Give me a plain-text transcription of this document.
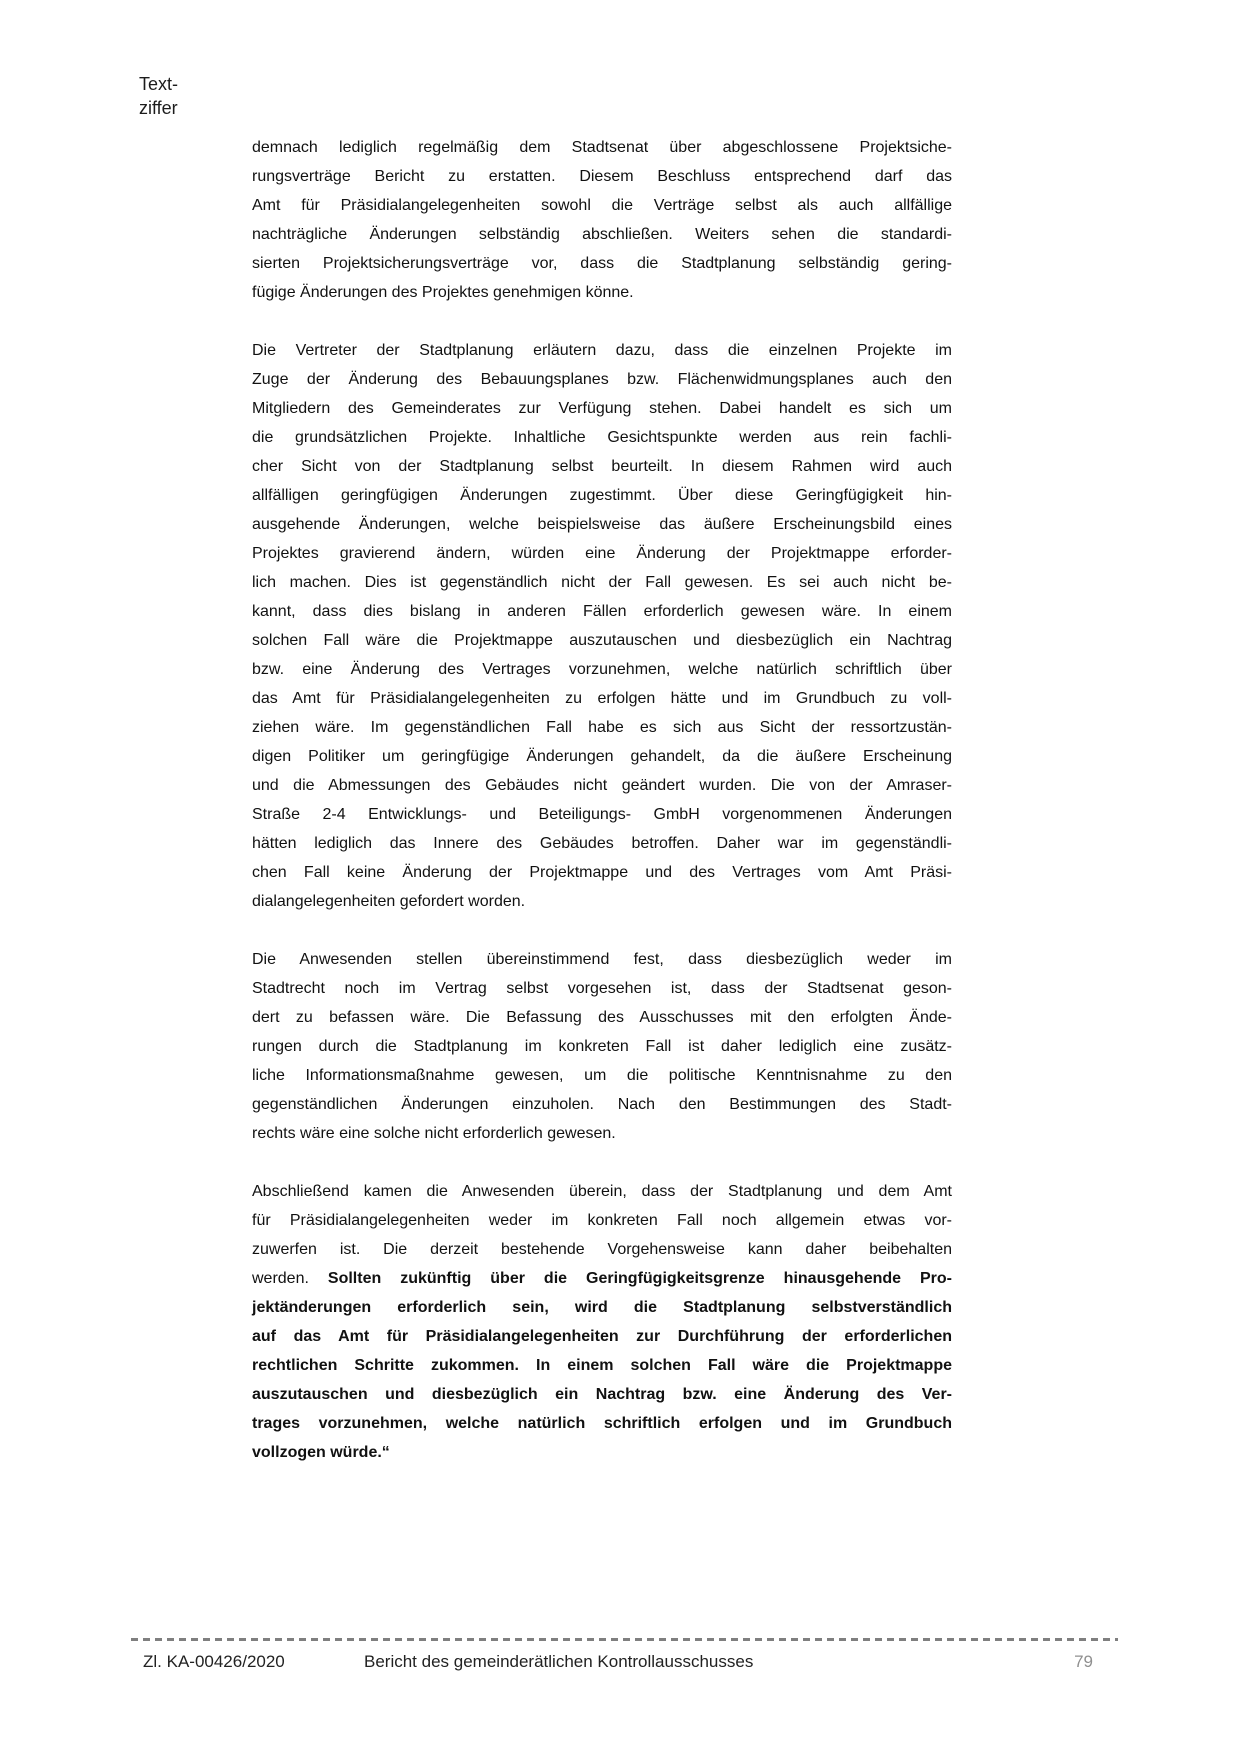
Text-
ziffer
demnach lediglich regelmäßig dem Stadtsenat über abgeschlossene Projektsiche-
rungsverträge Bericht zu erstatten. Diesem Beschluss entsprechend darf das
Amt für Präsidialangelegenheiten sowohl die Verträge selbst als auch allfällige
nachträgliche Änderungen selbständig abschließen. Weiters sehen die standardi-
sierten Projektsicherungsverträge vor, dass die Stadtplanung selbständig gering-
fügige Änderungen des Projektes genehmigen könne.
Die Vertreter der Stadtplanung erläutern dazu, dass die einzelnen Projekte im
Zuge der Änderung des Bebauungsplanes bzw. Flächenwidmungsplanes auch den
Mitgliedern des Gemeinderates zur Verfügung stehen. Dabei handelt es sich um
die grundsätzlichen Projekte. Inhaltliche Gesichtspunkte werden aus rein fachli-
cher Sicht von der Stadtplanung selbst beurteilt. In diesem Rahmen wird auch
allfälligen geringfügigen Änderungen zugestimmt. Über diese Geringfügigkeit hin-
ausgehende Änderungen, welche beispielsweise das äußere Erscheinungsbild eines
Projektes gravierend ändern, würden eine Änderung der Projektmappe erforder-
lich machen. Dies ist gegenständlich nicht der Fall gewesen. Es sei auch nicht be-
kannt, dass dies bislang in anderen Fällen erforderlich gewesen wäre. In einem
solchen Fall wäre die Projektmappe auszutauschen und diesbezüglich ein Nachtrag
bzw. eine Änderung des Vertrages vorzunehmen, welche natürlich schriftlich über
das Amt für Präsidialangelegenheiten zu erfolgen hätte und im Grundbuch zu voll-
ziehen wäre. Im gegenständlichen Fall habe es sich aus Sicht der ressortzustän-
digen Politiker um geringfügige Änderungen gehandelt, da die äußere Erscheinung
und die Abmessungen des Gebäudes nicht geändert wurden. Die von der Amraser-
Straße 2-4 Entwicklungs- und Beteiligungs- GmbH vorgenommenen Änderungen
hätten lediglich das Innere des Gebäudes betroffen. Daher war im gegenständli-
chen Fall keine Änderung der Projektmappe und des Vertrages vom Amt Präsi-
dialangelegenheiten gefordert worden.
Die Anwesenden stellen übereinstimmend fest, dass diesbezüglich weder im
Stadtrecht noch im Vertrag selbst vorgesehen ist, dass der Stadtsenat geson-
dert zu befassen wäre. Die Befassung des Ausschusses mit den erfolgten Ände-
rungen durch die Stadtplanung im konkreten Fall ist daher lediglich eine zusätz-
liche Informationsmaßnahme gewesen, um die politische Kenntnisnahme zu den
gegenständlichen Änderungen einzuholen. Nach den Bestimmungen des Stadt-
rechts wäre eine solche nicht erforderlich gewesen.
Abschließend kamen die Anwesenden überein, dass der Stadtplanung und dem Amt
für Präsidialangelegenheiten weder im konkreten Fall noch allgemein etwas vor-
zuwerfen ist. Die derzeit bestehende Vorgehensweise kann daher beibehalten
werden. Sollten zukünftig über die Geringfügigkeitsgrenze hinausgehende Pro-
jektänderungen erforderlich sein, wird die Stadtplanung selbstverständlich
auf das Amt für Präsidialangelegenheiten zur Durchführung der erforderlichen
rechtlichen Schritte zukommen. In einem solchen Fall wäre die Projektmappe
auszutauschen und diesbezüglich ein Nachtrag bzw. eine Änderung des Ver-
trages vorzunehmen, welche natürlich schriftlich erfolgen und im Grundbuch
vollzogen würde.“
Zl. KA-00426/2020	Bericht des gemeinderätlichen Kontrollausschusses	79
